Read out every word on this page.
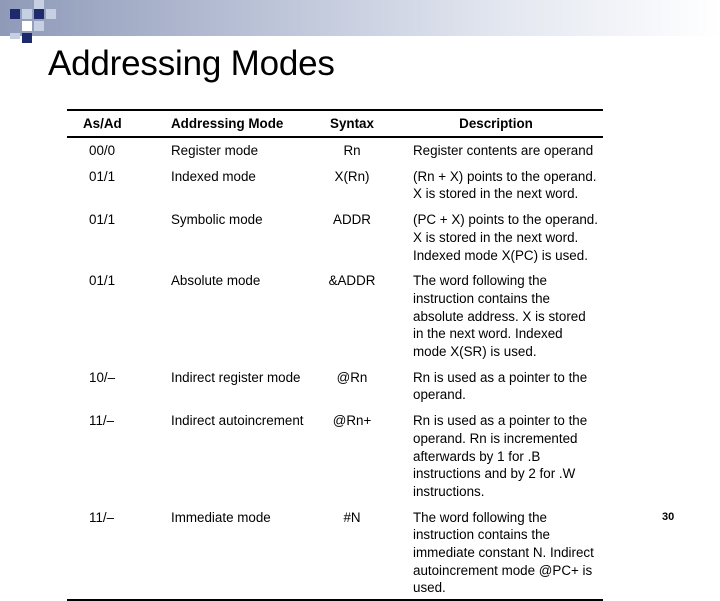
Addressing Modes
As/Ad	Addressing Mode	Syntax	Description
00/0	Register mode	Rn	Register contents are operand
01/1	Indexed mode	X(Rn)	(Rn + X) points to the operand. X is stored in the next word.
01/1	Symbolic mode	ADDR	(PC + X) points to the operand. X is stored in the next word. Indexed mode X(PC) is used.
01/1	Absolute mode	&ADDR	The word following the instruction contains the absolute address. X is stored in the next word. Indexed mode X(SR) is used.
10/–	Indirect register mode	@Rn	Rn is used as a pointer to the operand.
11/–	Indirect autoincrement	@Rn+	Rn is used as a pointer to the operand. Rn is incremented afterwards by 1 for .B instructions and by 2 for .W instructions.
11/–	Immediate mode	#N	The word following the instruction contains the immediate constant N. Indirect autoincrement mode @PC+ is used.
30
